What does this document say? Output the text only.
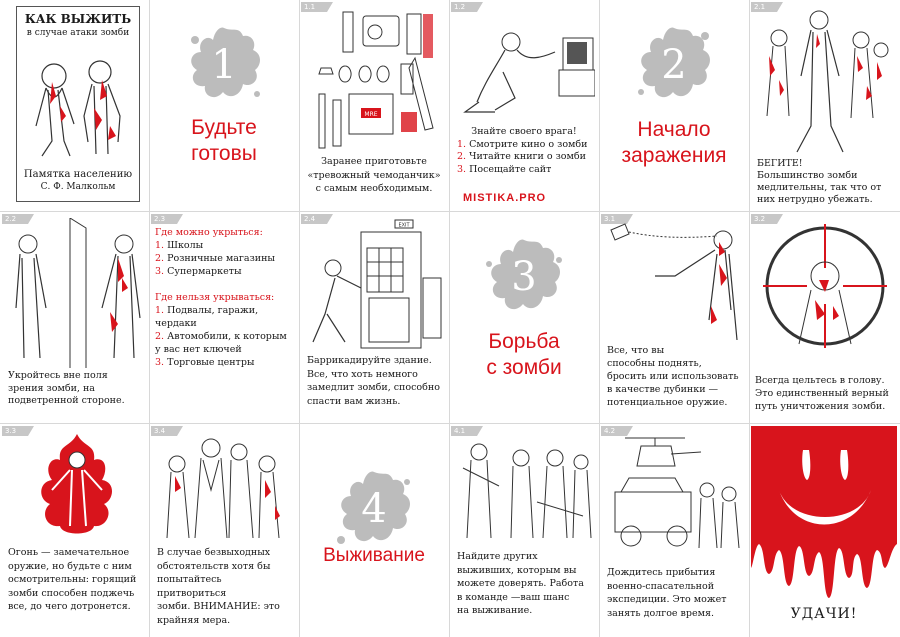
КАК ВЫЖИТЬ
в случае атаки зомби
Памятка населению
С. Ф. Малкольм
1
Будьте
готовы
1.1
MRE
Заранее приготовьте
«тревожный чемоданчик»
с самым необходимым.
1.2
Знайте своего врага!
1. Смотрите кино о зомби
2. Читайте книги о зомби
3. Посещайте сайт
MISTIKA.PRO
2
Начало
заражения
2.1
БЕГИТЕ!
Большинство зомби
медлительны, так что от
них нетрудно убежать.
2.2
Укройтесь вне поля
зрения зомби, на
подветренной стороне.
2.3
Где можно укрыться:
1. Школы
2. Розничные магазины
3. Супермаркеты
Где нельзя укрываться:
1. Подвалы, гаражи,
чердаки
2. Автомобили, к которым
у вас нет ключей
3. Торговые центры
2.4
EXIT
Баррикадируйте здание.
Все, что хоть немного
замедлит зомби, способно
спасти вам жизнь.
3
Борьба
с зомби
3.1
Все, что вы
способны поднять,
бросить или использовать
в качестве дубинки —
потенциальное оружие.
3.2
Всегда цельтесь в голову.
Это единственный верный
путь уничтожения зомби.
3.3
Огонь — замечательное
оружие, но будьте с ним
осмотрительны: горящий
зомби способен поджечь
все, до чего дотронется.
3.4
В случае безвыходных
обстоятельств хотя бы
попытайтесь притвориться
зомби. ВНИМАНИЕ: это
крайняя мера.
4
Выживание
4.1
Найдите других
выживших, которым вы
можете доверять. Работа
в команде —ваш шанс
на выживание.
4.2
Дождитесь прибытия
военно-спасательной
экспедиции. Это может
занять долгое время.	УДАЧИ!
